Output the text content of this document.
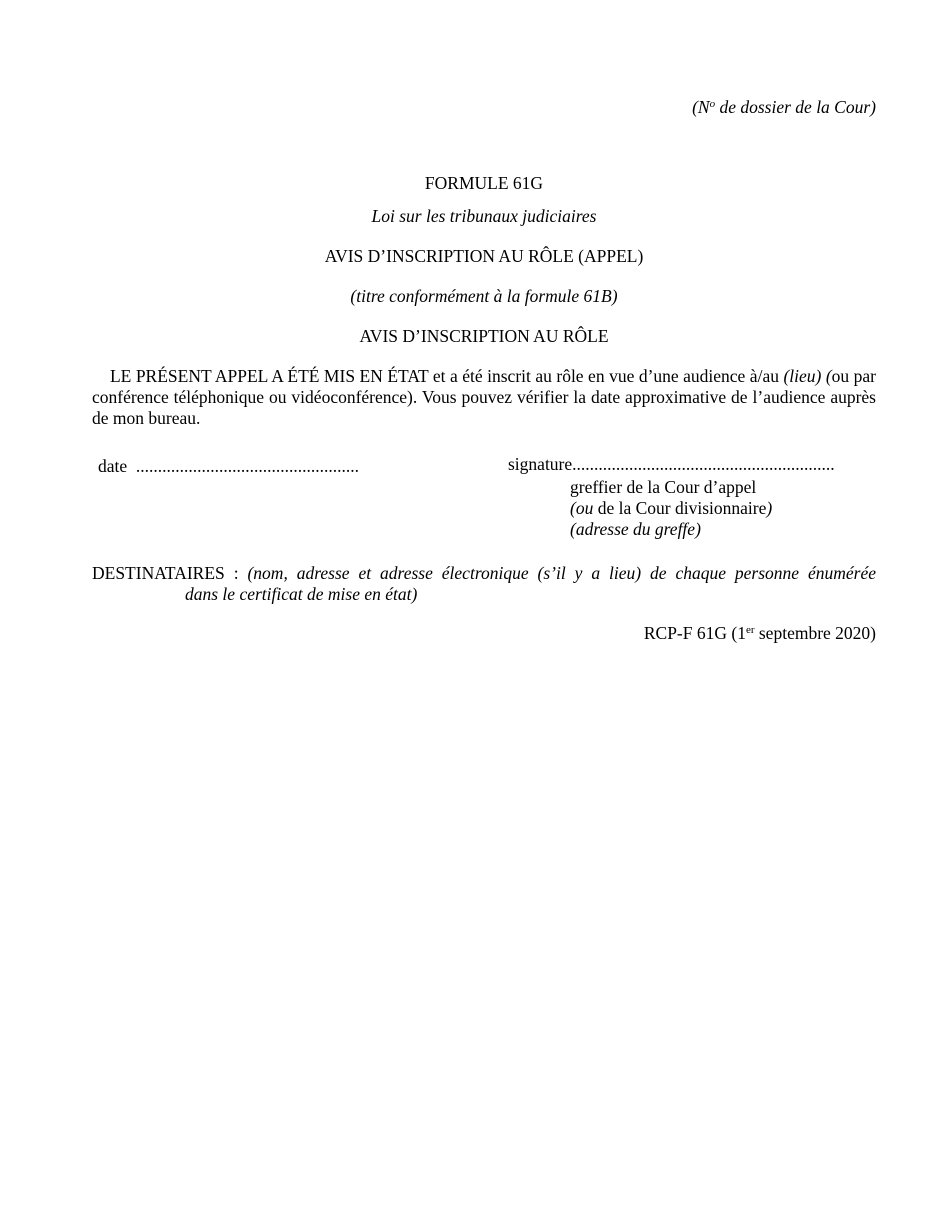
($N^o$ de dossier de la Cour)
FORMULE 61G
Loi sur les tribunaux judiciaires
AVIS D’INSCRIPTION AU RÔLE (APPEL)
(titre conformément à la formule 61B)
AVIS D’INSCRIPTION AU RÔLE
LE PRÉSENT APPEL A ÉTÉ MIS EN ÉTAT et a été inscrit au rôle en vue d’une audience à/au (lieu) (ou par conférence téléphonique ou vidéoconférence). Vous pouvez vérifier la date approximative de l’audience auprès de mon bureau.
date ...................................................	signature............................................................
greffier de la Cour d’appel
(ou de la Cour divisionnaire)
(adresse du greffe)
DESTINATAIRES : (nom, adresse et adresse électronique (s’il y a lieu) de chaque personne énumérée
dans le certificat de mise en état)
RCP-F 61G (1er septembre 2020)
